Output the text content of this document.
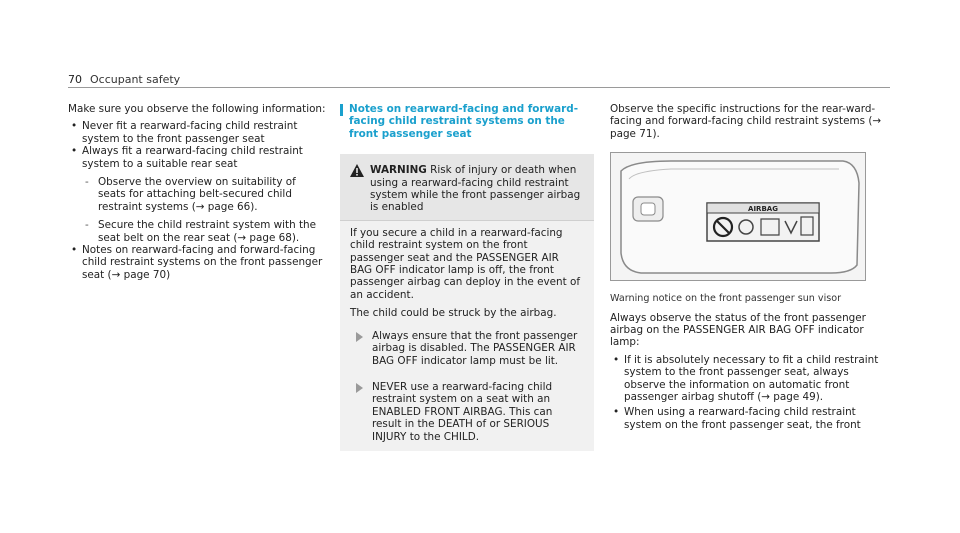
70 Occupant safety

Make sure you observe the following information:

• Never fit a rearward-facing child restraint system to the front passenger seat
• Always fit a rearward-facing child restraint system to a suitable rear seat
- Observe the overview on suitability of seats for attaching belt-secured child restraint systems (→ page 66).
- Secure the child restraint system with the seat belt on the rear seat (→ page 68).
• Notes on rearward-facing and forward-facing child restraint systems on the front passenger seat (→ page 70)
Notes on rearward-facing and forward-facing child restraint systems on the front passenger seat
WARNING Risk of injury or death when using a rearward-facing child restraint system while the front passenger airbag is enabled

If you secure a child in a rearward-facing child restraint system on the front passenger seat and the PASSENGER AIR BAG OFF indicator lamp is off, the front passenger airbag can deploy in the event of an accident.

The child could be struck by the airbag.

Always ensure that the front passenger airbag is disabled. The PASSENGER AIR BAG OFF indicator lamp must be lit.
NEVER use a rearward-facing child restraint system on a seat with an ENABLED FRONT AIRBAG. This can result in the DEATH of or SERIOUS INJURY to the CHILD.

Observe the specific instructions for the rear-ward-facing and forward-facing child restraint systems (→ page 71).

AIRBAG
Warning notice on the front passenger sun visor

Always observe the status of the front passenger airbag on the PASSENGER AIR BAG OFF indicator lamp:

• If it is absolutely necessary to fit a child restraint system to the front passenger seat, always observe the information on automatic front passenger airbag shutoff (→ page 49).
• When using a rearward-facing child restraint system on the front passenger seat, the front
